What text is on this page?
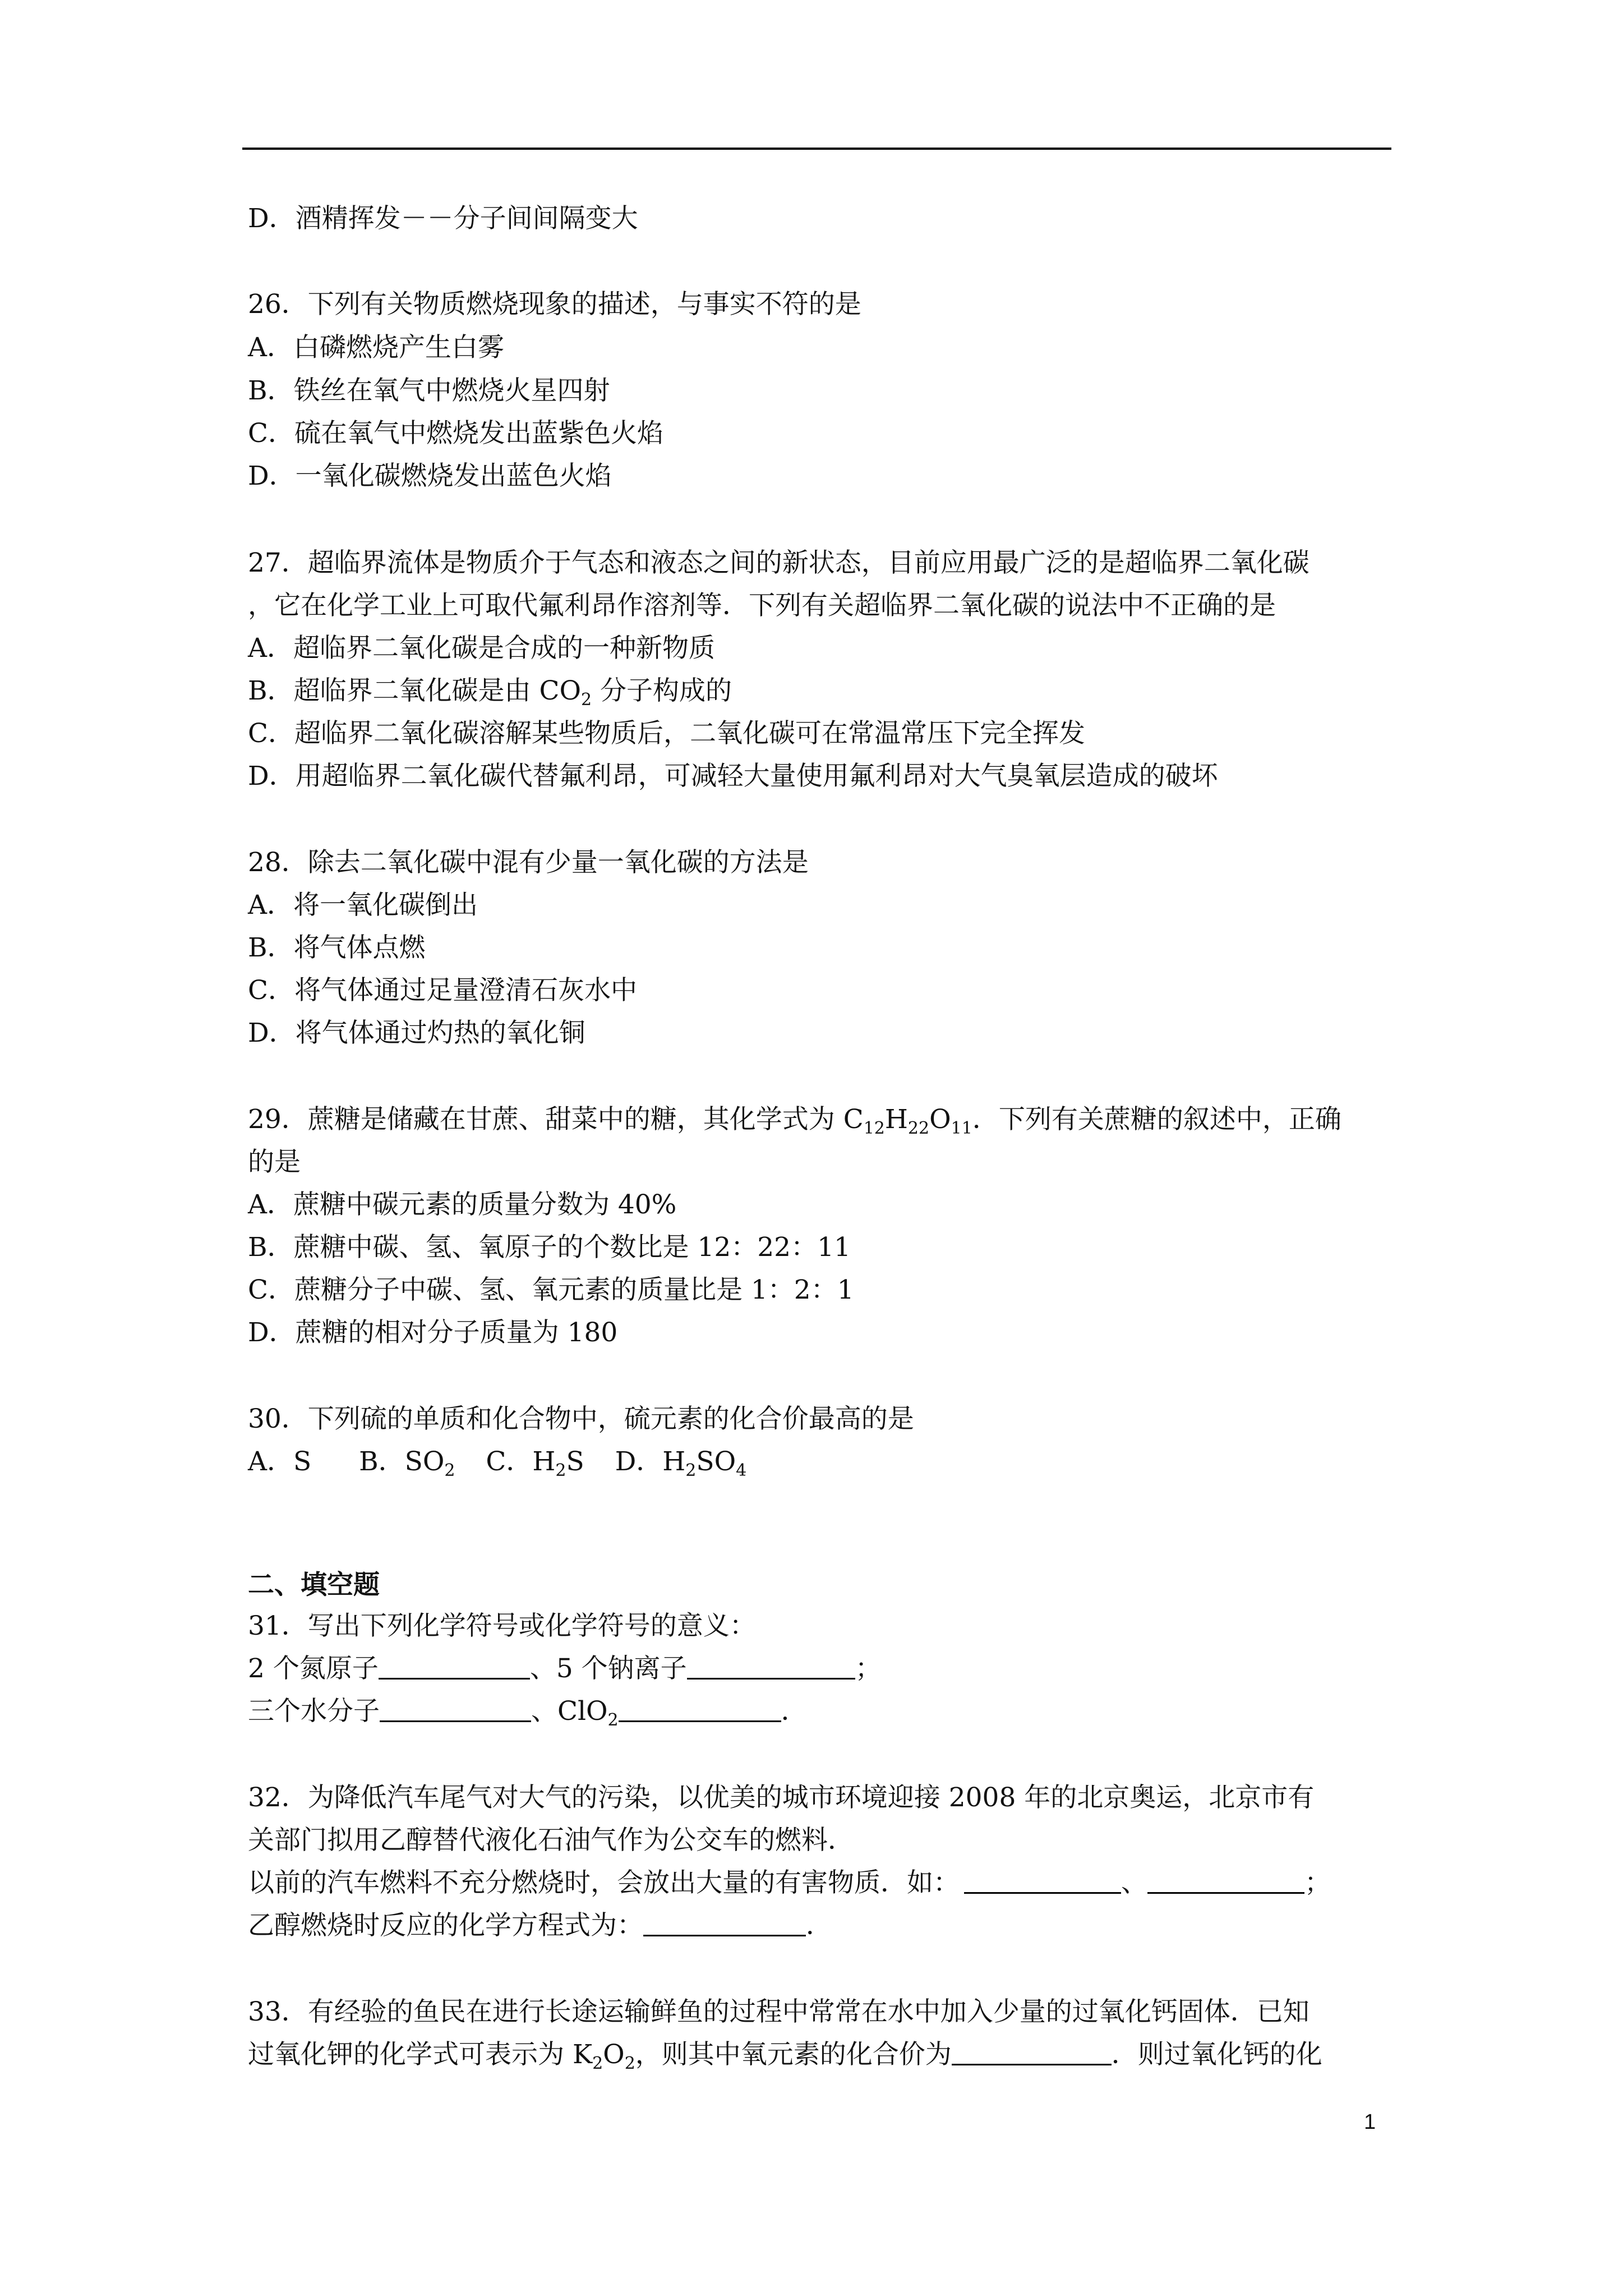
D．酒精挥发－－分子间间隔变大
26．下列有关物质燃烧现象的描述，与事实不符的是
A．白磷燃烧产生白雾
B．铁丝在氧气中燃烧火星四射
C．硫在氧气中燃烧发出蓝紫色火焰
D．一氧化碳燃烧发出蓝色火焰
27．超临界流体是物质介于气态和液态之间的新状态，目前应用最广泛的是超临界二氧化碳
，它在化学工业上可取代氟利昂作溶剂等．下列有关超临界二氧化碳的说法中不正确的是
A．超临界二氧化碳是合成的一种新物质
B．超临界二氧化碳是由 $CO_2$ 分子构成的
C．超临界二氧化碳溶解某些物质后，二氧化碳可在常温常压下完全挥发
D．用超临界二氧化碳代替氟利昂，可减轻大量使用氟利昂对大气臭氧层造成的破坏
28．除去二氧化碳中混有少量一氧化碳的方法是
A．将一氧化碳倒出
B．将气体点燃
C．将气体通过足量澄清石灰水中
D．将气体通过灼热的氧化铜
29．蔗糖是储藏在甘蔗、甜菜中的糖，其化学式为 $C_{12}H_{22}O_{11}$．下列有关蔗糖的叙述中，正确
的是
A．蔗糖中碳元素的质量分数为 40%
B．蔗糖中碳、氢、氧原子的个数比是 12：22：11
C．蔗糖分子中碳、氢、氧元素的质量比是 1：2：1
D．蔗糖的相对分子质量为 180
30．下列硫的单质和化合物中，硫元素的化合价最高的是
A．S B．$SO_2$ C．$H_2S$ D．$H_2SO_4$
二、填空题
31．写出下列化学符号或化学符号的意义：
2 个氮原子	、5 个钠离子	；
三个水分子	、ClO$_2$	．
32．为降低汽车尾气对大气的污染，以优美的城市环境迎接 2008 年的北京奥运，北京市有
关部门拟用乙醇替代液化石油气作为公交车的燃料．
以前的汽车燃料不充分燃烧时，会放出大量的有害物质．如：	、	；
乙醇燃烧时反应的化学方程式为：	．
33．有经验的鱼民在进行长途运输鲜鱼的过程中常常在水中加入少量的过氧化钙固体．已知
过氧化钾的化学式可表示为 $K_2O_2$，则其中氧元素的化合价为	．则过氧化钙的化
1
